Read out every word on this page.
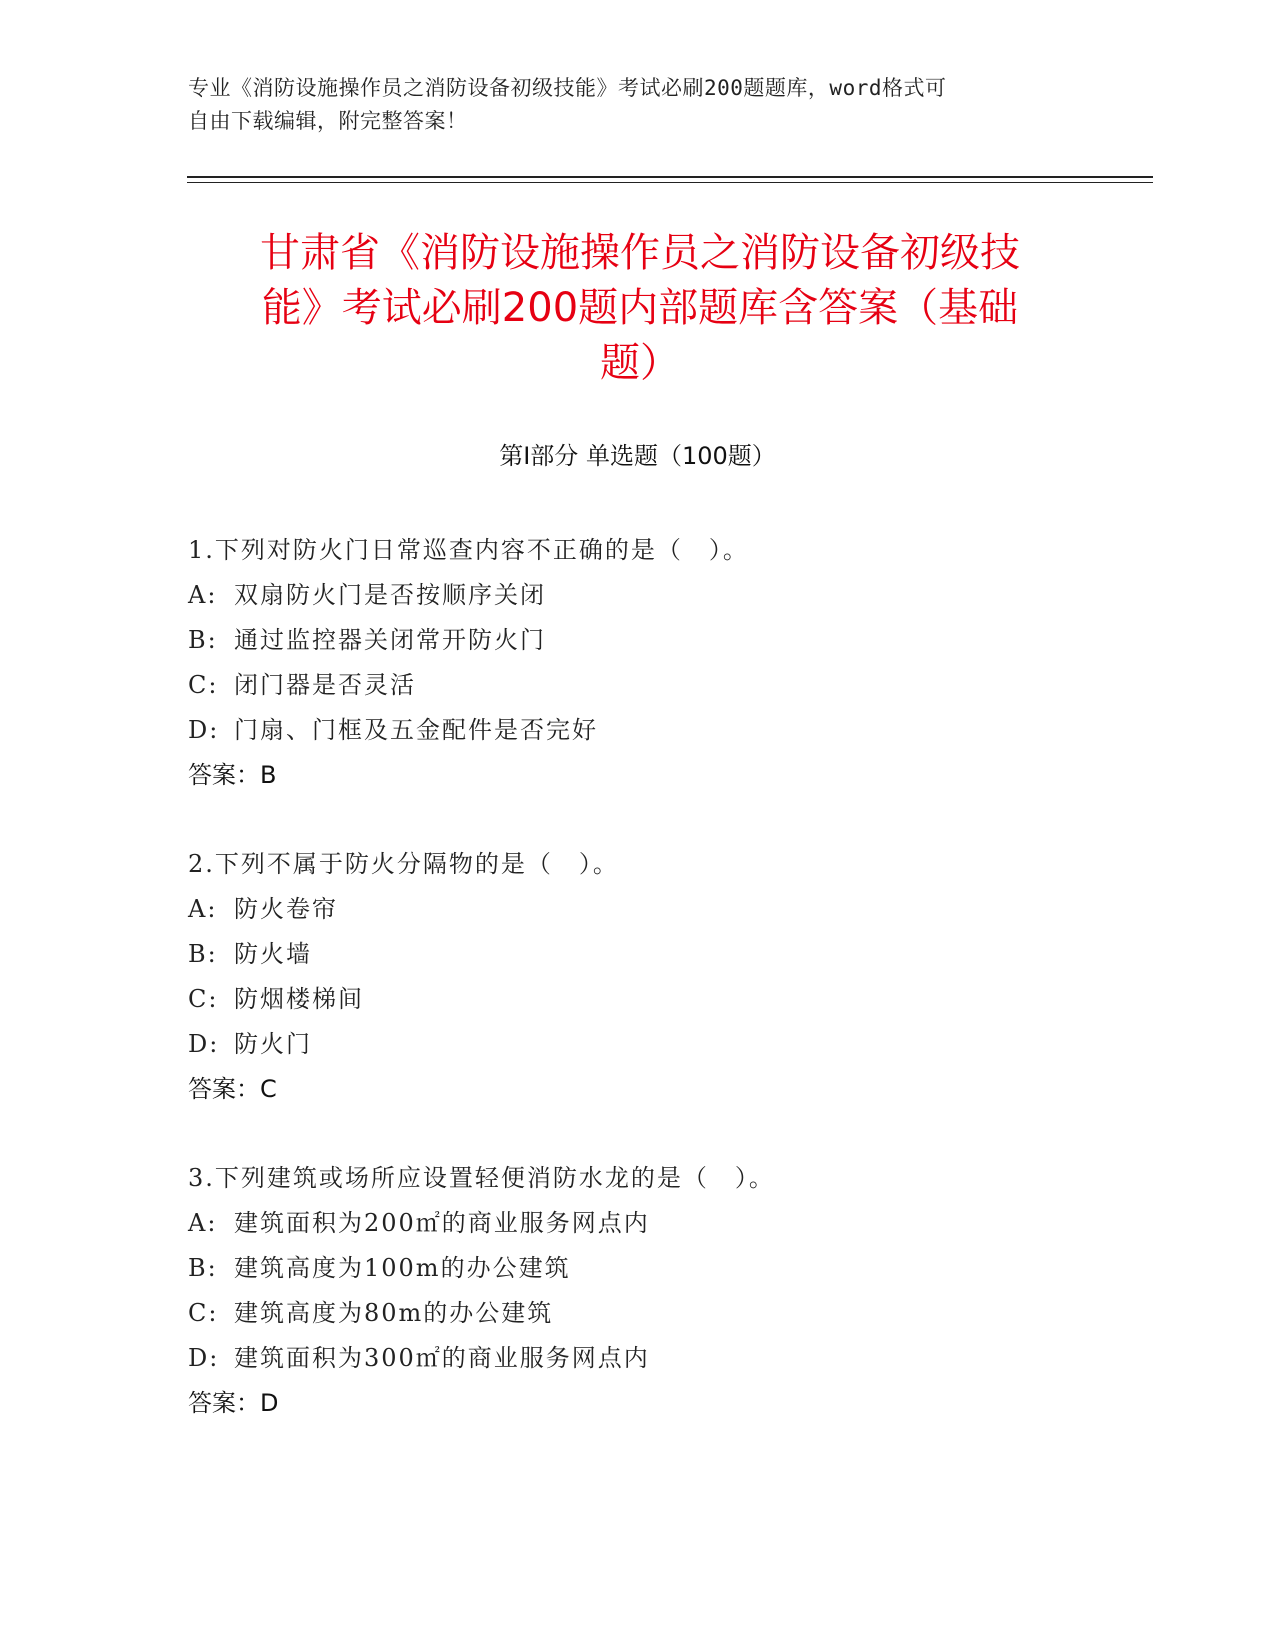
专业《消防设施操作员之消防设备初级技能》考试必刷200题题库，word格式可
自由下载编辑，附完整答案！
甘肃省《消防设施操作员之消防设备初级技
能》考试必刷200题内部题库含答案（基础
题）
第Ⅰ部分 单选题（100题）
1.下列对防火门日常巡查内容不正确的是（　）。
A: 双扇防火门是否按顺序关闭
B: 通过监控器关闭常开防火门
C: 闭门器是否灵活
D: 门扇、门框及五金配件是否完好
答案：B
2.下列不属于防火分隔物的是（　）。
A: 防火卷帘
B: 防火墙
C: 防烟楼梯间
D: 防火门
答案：C
3.下列建筑或场所应设置轻便消防水龙的是（　）。
A: 建筑面积为200㎡的商业服务网点内
B: 建筑高度为100m的办公建筑
C: 建筑高度为80m的办公建筑
D: 建筑面积为300㎡的商业服务网点内
答案：D
